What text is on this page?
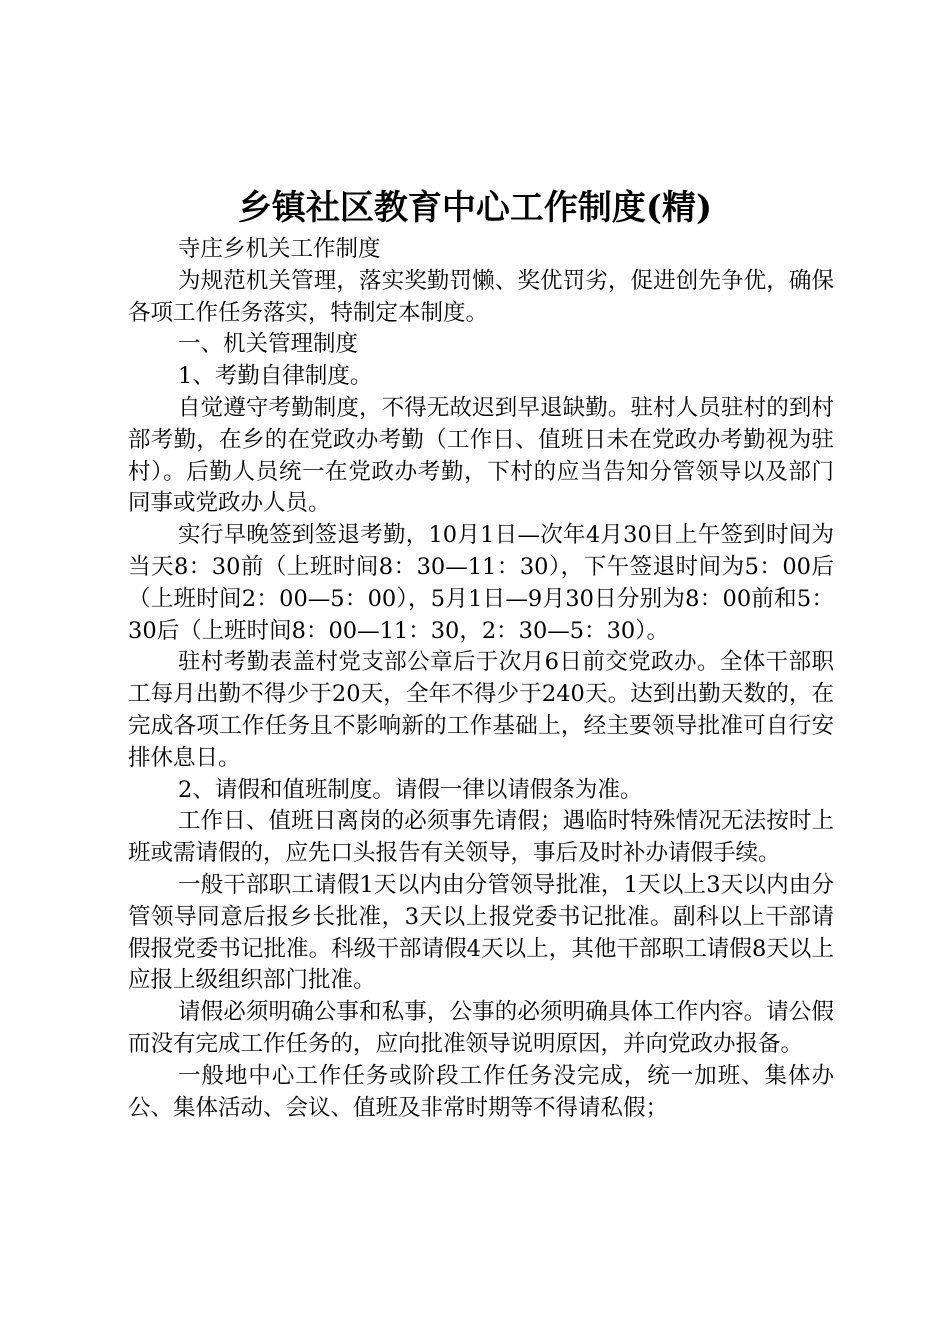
乡镇社区教育中心工作制度(精)

寺庄乡机关工作制度

为规范机关管理，落实奖勤罚懒、奖优罚劣，促进创先争优，确保各项工作任务落实，特制定本制度。

一、机关管理制度

1、考勤自律制度。

自觉遵守考勤制度，不得无故迟到早退缺勤。驻村人员驻村的到村部考勤，在乡的在党政办考勤（工作日、值班日未在党政办考勤视为驻村）。后勤人员统一在党政办考勤，下村的应当告知分管领导以及部门同事或党政办人员。

实行早晚签到签退考勤，10月1日—次年4月30日上午签到时间为当天8：30前（上班时间8：30—11：30），下午签退时间为5：00后（上班时间2：00—5：00），5月1日—9月30日分别为8：00前和5：30后（上班时间8：00—11：30，2：30—5：30）。

驻村考勤表盖村党支部公章后于次月6日前交党政办。全体干部职工每月出勤不得少于20天，全年不得少于240天。达到出勤天数的，在完成各项工作任务且不影响新的工作基础上，经主要领导批准可自行安排休息日。

2、请假和值班制度。请假一律以请假条为准。

工作日、值班日离岗的必须事先请假；遇临时特殊情况无法按时上班或需请假的，应先口头报告有关领导，事后及时补办请假手续。

一般干部职工请假1天以内由分管领导批准，1天以上3天以内由分管领导同意后报乡长批准，3天以上报党委书记批准。副科以上干部请假报党委书记批准。科级干部请假4天以上，其他干部职工请假8天以上应报上级组织部门批准。

请假必须明确公事和私事，公事的必须明确具体工作内容。请公假而没有完成工作任务的，应向批准领导说明原因，并向党政办报备。

一般地中心工作任务或阶段工作任务没完成，统一加班、集体办公、集体活动、会议、值班及非常时期等不得请私假；
